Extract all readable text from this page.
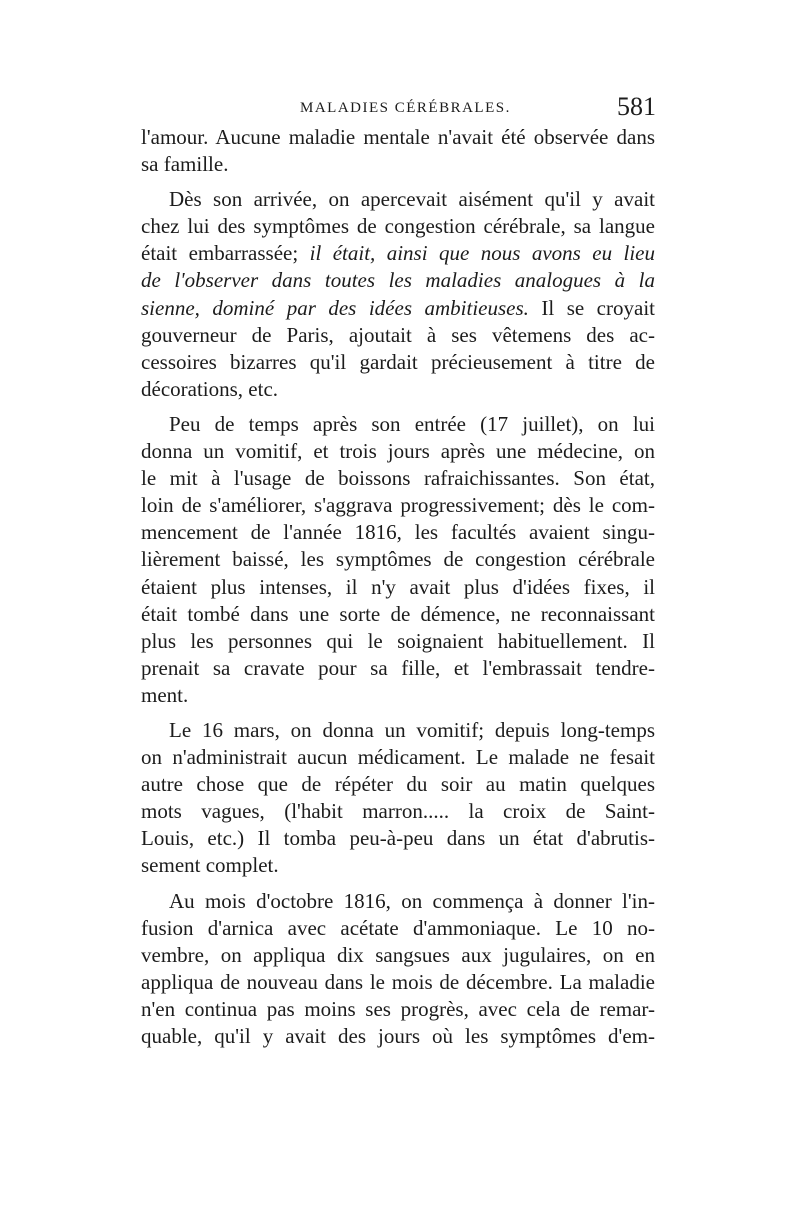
MALADIES CÉRÉBRALES.	581

l'amour. Aucune maladie mentale n'avait été observée dans
sa famille.

Dès son arrivée, on apercevait aisément qu'il y avait
chez lui des symptômes de congestion cérébrale, sa langue
était embarrassée; il était, ainsi que nous avons eu lieu
de l'observer dans toutes les maladies analogues à la
sienne, dominé par des idées ambitieuses. Il se croyait
gouverneur de Paris, ajoutait à ses vêtemens des ac-
cessoires bizarres qu'il gardait précieusement à titre de
décorations, etc.

Peu de temps après son entrée (17 juillet), on lui
donna un vomitif, et trois jours après une médecine, on
le mit à l'usage de boissons rafraichissantes. Son état,
loin de s'améliorer, s'aggrava progressivement; dès le com-
mencement de l'année 1816, les facultés avaient singu-
lièrement baissé, les symptômes de congestion cérébrale
étaient plus intenses, il n'y avait plus d'idées fixes, il
était tombé dans une sorte de démence, ne reconnaissant
plus les personnes qui le soignaient habituellement. Il
prenait sa cravate pour sa fille, et l'embrassait tendre-
ment.

Le 16 mars, on donna un vomitif; depuis long-temps
on n'administrait aucun médicament. Le malade ne fesait
autre chose que de répéter du soir au matin quelques
mots vagues, (l'habit marron..... la croix de Saint-
Louis, etc.) Il tomba peu-à-peu dans un état d'abrutis-
sement complet.

Au mois d'octobre 1816, on commença à donner l'in-
fusion d'arnica avec acétate d'ammoniaque. Le 10 no-
vembre, on appliqua dix sangsues aux jugulaires, on en
appliqua de nouveau dans le mois de décembre. La maladie
n'en continua pas moins ses progrès, avec cela de remar-
quable, qu'il y avait des jours où les symptômes d'em-
